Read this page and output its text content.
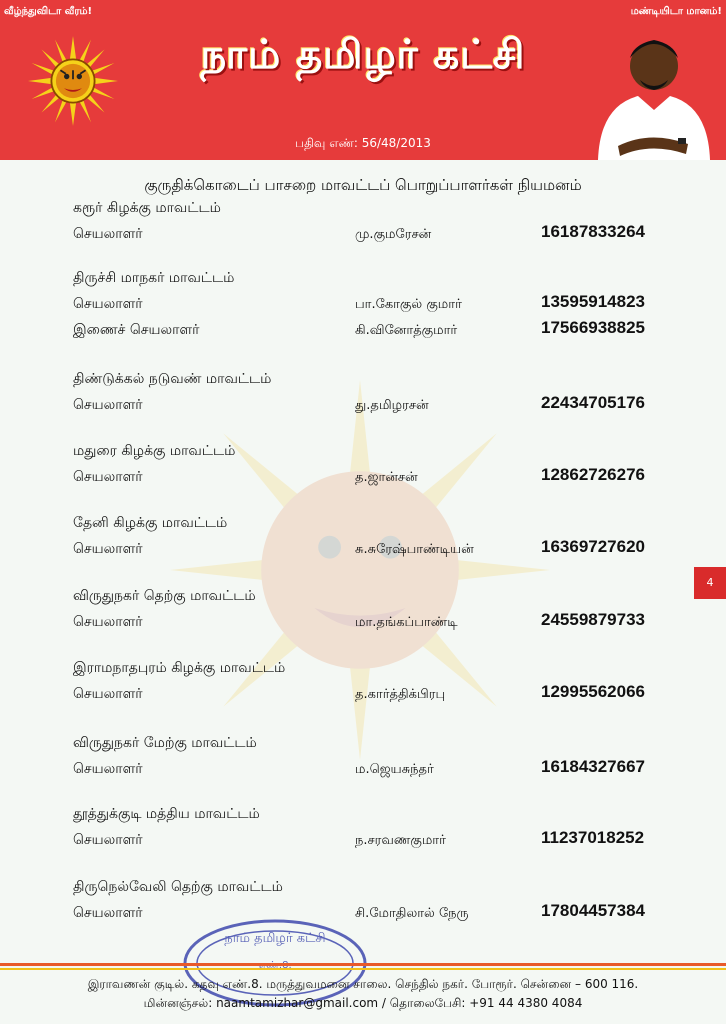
வீழ்ந்துவிடா வீரம்!	மண்டியிடா மானம்!
நாம் தமிழர் கட்சி
பதிவு எண்: 56/48/2013
குருதிக்கொடைப் பாசறை மாவட்டப் பொறுப்பாளர்கள் நியமனம்
கரூர் கிழக்கு மாவட்டம்
செயலாளர்	மு.குமரேசன்	16187833264
திருச்சி மாநகர் மாவட்டம்
செயலாளர்	பா.கோகுல் குமார்	13595914823
இணைச் செயலாளர்	கி.வினோத்குமார்	17566938825
திண்டுக்கல் நடுவண் மாவட்டம்
செயலாளர்	து.தமிழரசன்	22434705176
மதுரை கிழக்கு மாவட்டம்
செயலாளர்	த.ஜான்சன்	12862726276
தேனி கிழக்கு மாவட்டம்
செயலாளர்	சு.சுரேஷ்பாண்டியன்	16369727620
விருதுநகர் தெற்கு மாவட்டம்
செயலாளர்	மா.தங்கப்பாண்டி	24559879733
இராமநாதபுரம் கிழக்கு மாவட்டம்
செயலாளர்	த.கார்த்திக்பிரபு	12995562066
விருதுநகர் மேற்கு மாவட்டம்
செயலாளர்	ம.ஜெயசுந்தர்	16184327667
தூத்துக்குடி மத்திய மாவட்டம்
செயலாளர்	ந.சரவணகுமார்	11237018252
திருநெல்வேலி தெற்கு மாவட்டம்
செயலாளர்	சி.மோதிலால் நேரு	17804457384
4
நாம் தமிழர் கட்சி
இராவணன் குடில். கதவு எண்.8. மருத்துவமனை சாலை. செந்தில் நகர். போரூர். சென்னை – 600 116.
மின்னஞ்சல்: naamtamizhar@gmail.com / தொலைபேசி: +91 44 4380 4084
